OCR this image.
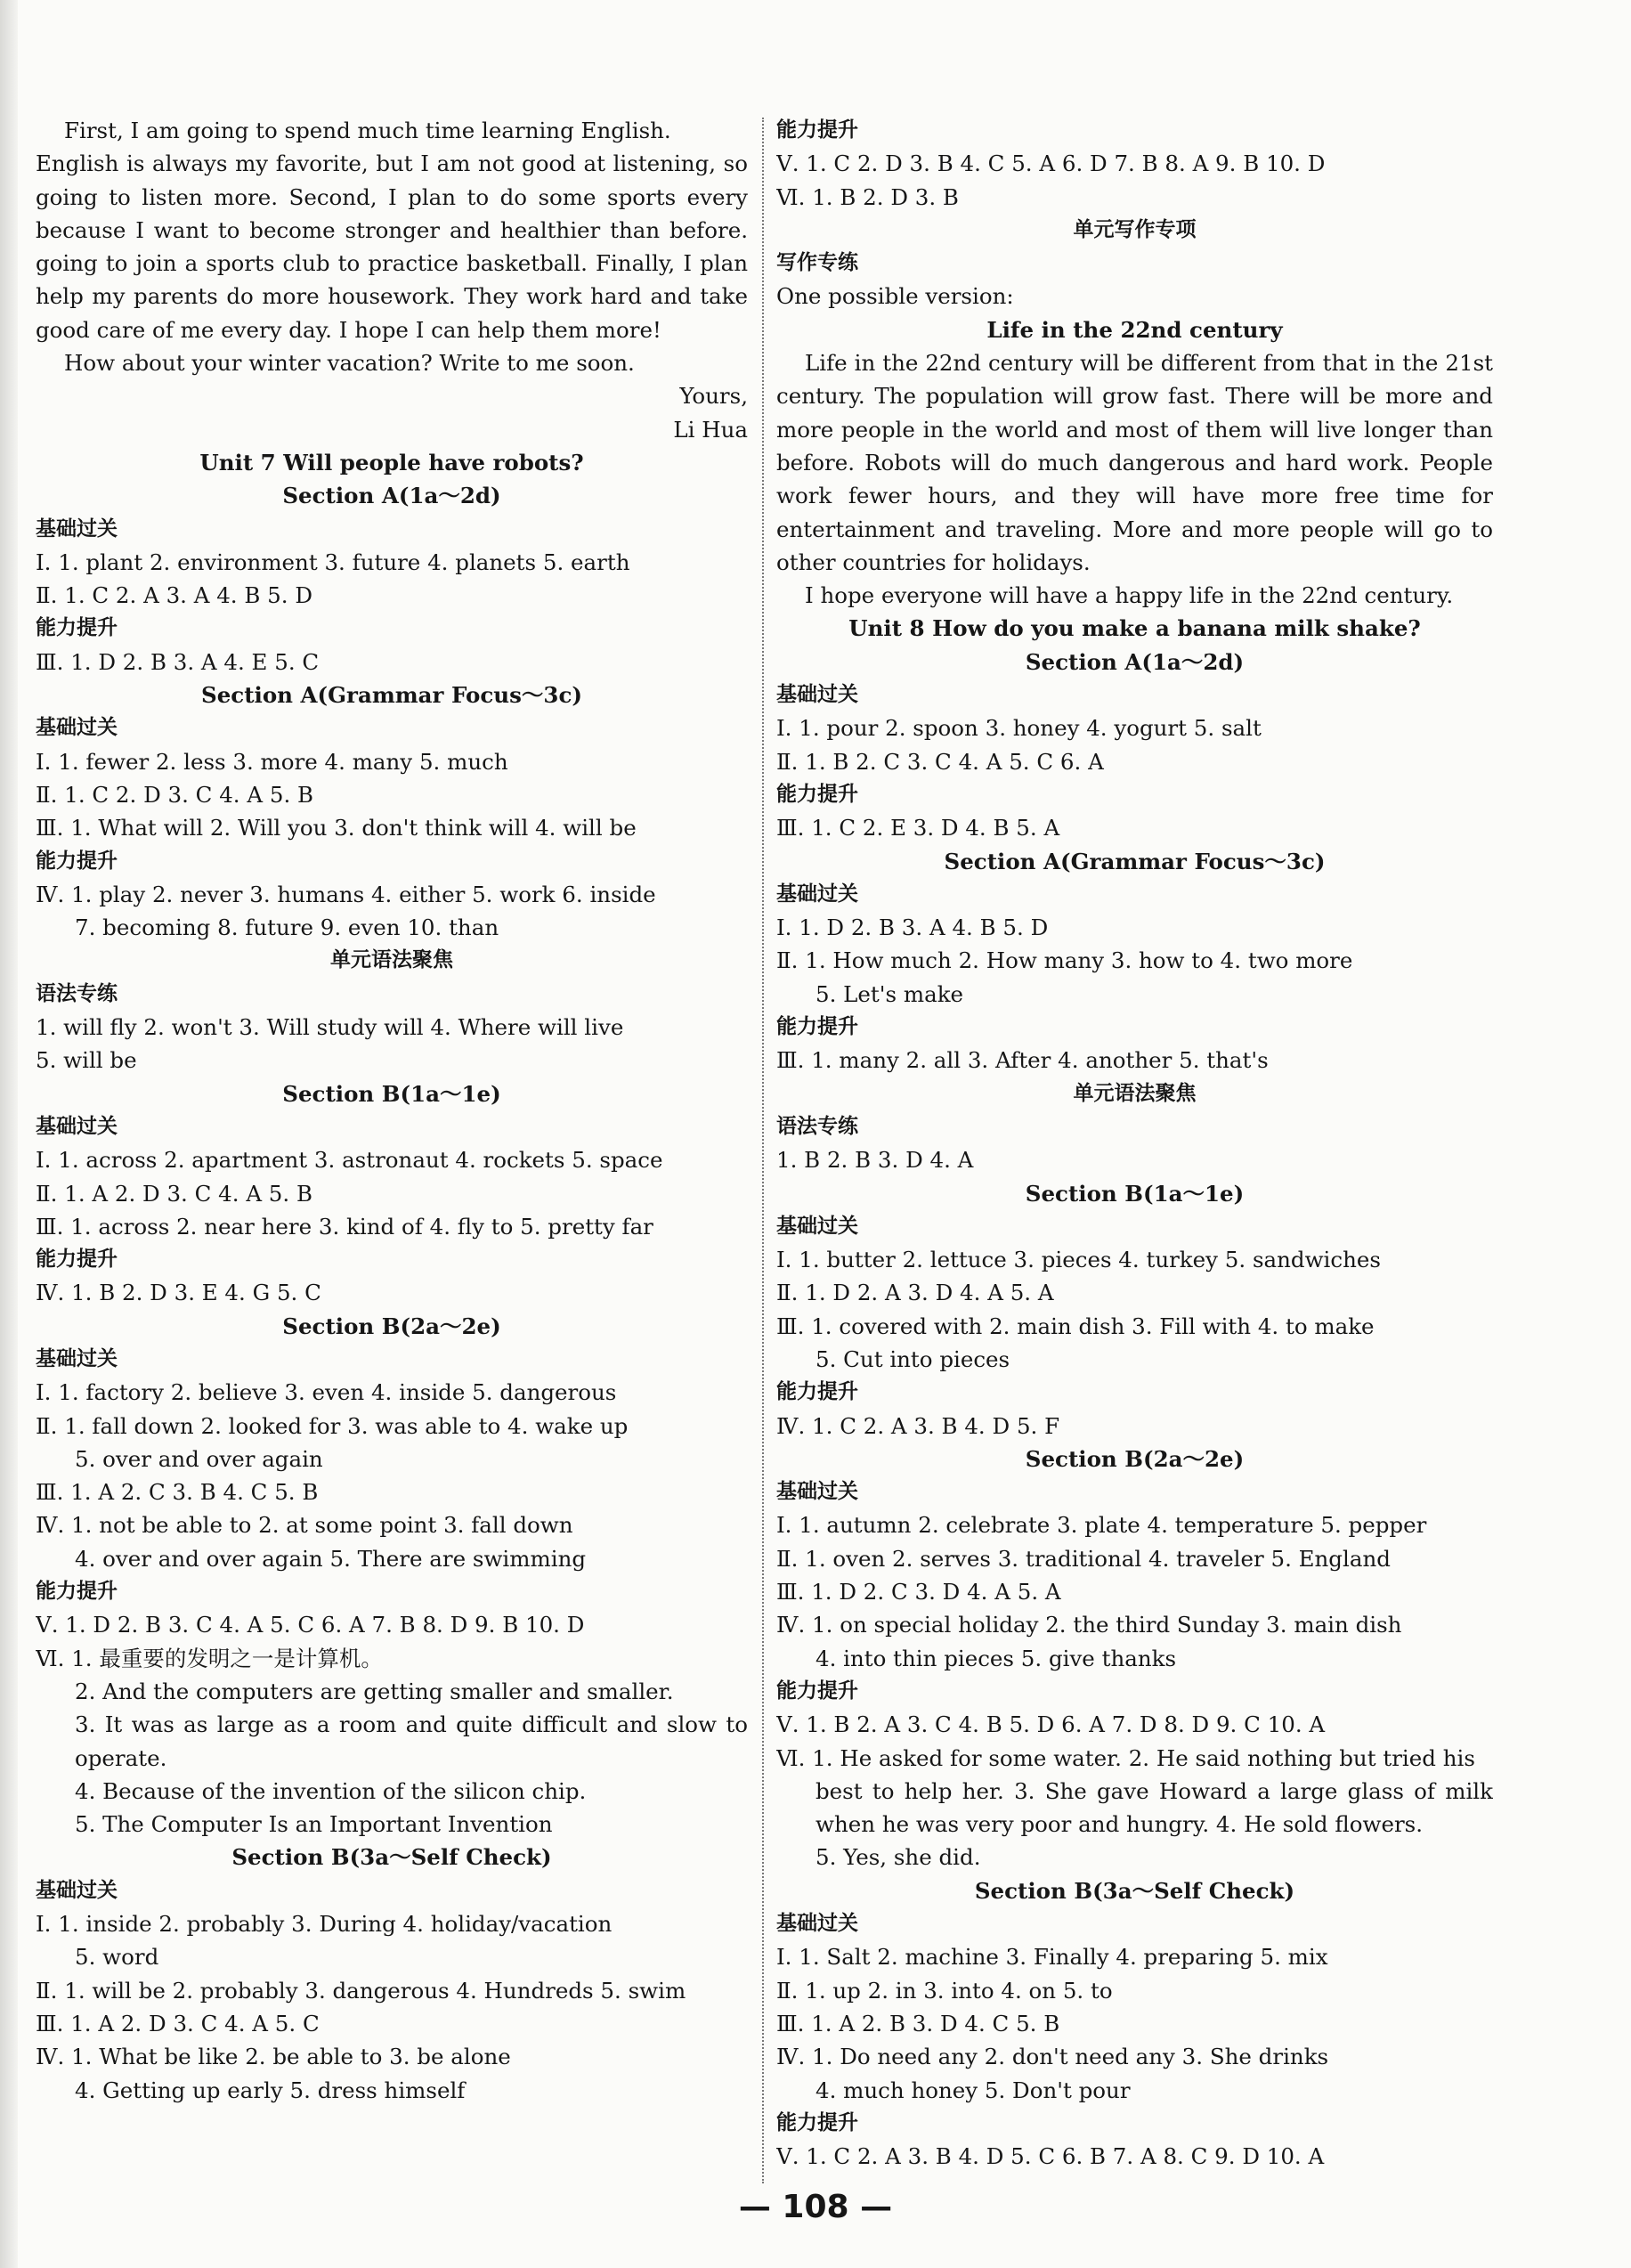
First, I am going to spend much time learning English.
English is always my favorite, but I am not good at listening, so
going to listen more. Second, I plan to do some sports every
because I want to become stronger and healthier than before.
going to join a sports club to practice basketball. Finally, I plan
help my parents do more housework. They work hard and take
good care of me every day. I hope I can help them more!
How about your winter vacation? Write to me soon.
Yours,
Li Hua
Unit 7 Will people have robots?
Section A(1a～2d)
基础过关
Ⅰ. 1. plant 2. environment 3. future 4. planets 5. earth
Ⅱ. 1. C 2. A 3. A 4. B 5. D
能力提升
Ⅲ. 1. D 2. B 3. A 4. E 5. C
Section A(Grammar Focus～3c)
基础过关
Ⅰ. 1. fewer 2. less 3. more 4. many 5. much
Ⅱ. 1. C 2. D 3. C 4. A 5. B
Ⅲ. 1. What will 2. Will you 3. don't think will 4. will be
能力提升
Ⅳ. 1. play 2. never 3. humans 4. either 5. work 6. inside
7. becoming 8. future 9. even 10. than
单元语法聚焦
语法专练
1. will fly 2. won't 3. Will study will 4. Where will live
5. will be
Section B(1a～1e)
基础过关
Ⅰ. 1. across 2. apartment 3. astronaut 4. rockets 5. space
Ⅱ. 1. A 2. D 3. C 4. A 5. B
Ⅲ. 1. across 2. near here 3. kind of 4. fly to 5. pretty far
能力提升
Ⅳ. 1. B 2. D 3. E 4. G 5. C
Section B(2a～2e)
基础过关
Ⅰ. 1. factory 2. believe 3. even 4. inside 5. dangerous
Ⅱ. 1. fall down 2. looked for 3. was able to 4. wake up
5. over and over again
Ⅲ. 1. A 2. C 3. B 4. C 5. B
Ⅳ. 1. not be able to 2. at some point 3. fall down
4. over and over again 5. There are swimming
能力提升
Ⅴ. 1. D 2. B 3. C 4. A 5. C 6. A 7. B 8. D 9. B 10. D
Ⅵ. 1. 最重要的发明之一是计算机。
2. And the computers are getting smaller and smaller.
3. It was as large as a room and quite difficult and slow to
operate.
4. Because of the invention of the silicon chip.
5. The Computer Is an Important Invention
Section B(3a～Self Check)
基础过关
Ⅰ. 1. inside 2. probably 3. During 4. holiday/vacation
5. word
Ⅱ. 1. will be 2. probably 3. dangerous 4. Hundreds 5. swim
Ⅲ. 1. A 2. D 3. C 4. A 5. C
Ⅳ. 1. What be like 2. be able to 3. be alone
4. Getting up early 5. dress himself
能力提升
Ⅴ. 1. C 2. D 3. B 4. C 5. A 6. D 7. B 8. A 9. B 10. D
Ⅵ. 1. B 2. D 3. B
单元写作专项
写作专练
One possible version:
Life in the 22nd century
Life in the 22nd century will be different from that in the 21st
century. The population will grow fast. There will be more and
more people in the world and most of them will live longer than
before. Robots will do much dangerous and hard work. People
work fewer hours, and they will have more free time for
entertainment and traveling. More and more people will go to
other countries for holidays.
I hope everyone will have a happy life in the 22nd century.
Unit 8 How do you make a banana milk shake?
Section A(1a～2d)
基础过关
Ⅰ. 1. pour 2. spoon 3. honey 4. yogurt 5. salt
Ⅱ. 1. B 2. C 3. C 4. A 5. C 6. A
能力提升
Ⅲ. 1. C 2. E 3. D 4. B 5. A
Section A(Grammar Focus～3c)
基础过关
Ⅰ. 1. D 2. B 3. A 4. B 5. D
Ⅱ. 1. How much 2. How many 3. how to 4. two more
5. Let's make
能力提升
Ⅲ. 1. many 2. all 3. After 4. another 5. that's
单元语法聚焦
语法专练
1. B 2. B 3. D 4. A
Section B(1a～1e)
基础过关
Ⅰ. 1. butter 2. lettuce 3. pieces 4. turkey 5. sandwiches
Ⅱ. 1. D 2. A 3. D 4. A 5. A
Ⅲ. 1. covered with 2. main dish 3. Fill with 4. to make
5. Cut into pieces
能力提升
Ⅳ. 1. C 2. A 3. B 4. D 5. F
Section B(2a～2e)
基础过关
Ⅰ. 1. autumn 2. celebrate 3. plate 4. temperature 5. pepper
Ⅱ. 1. oven 2. serves 3. traditional 4. traveler 5. England
Ⅲ. 1. D 2. C 3. D 4. A 5. A
Ⅳ. 1. on special holiday 2. the third Sunday 3. main dish
4. into thin pieces 5. give thanks
能力提升
Ⅴ. 1. B 2. A 3. C 4. B 5. D 6. A 7. D 8. D 9. C 10. A
Ⅵ. 1. He asked for some water. 2. He said nothing but tried his
best to help her. 3. She gave Howard a large glass of milk
when he was very poor and hungry. 4. He sold flowers.
5. Yes, she did.
Section B(3a～Self Check)
基础过关
Ⅰ. 1. Salt 2. machine 3. Finally 4. preparing 5. mix
Ⅱ. 1. up 2. in 3. into 4. on 5. to
Ⅲ. 1. A 2. B 3. D 4. C 5. B
Ⅳ. 1. Do need any 2. don't need any 3. She drinks
4. much honey 5. Don't pour
能力提升
Ⅴ. 1. C 2. A 3. B 4. D 5. C 6. B 7. A 8. C 9. D 10. A
— 108 —
